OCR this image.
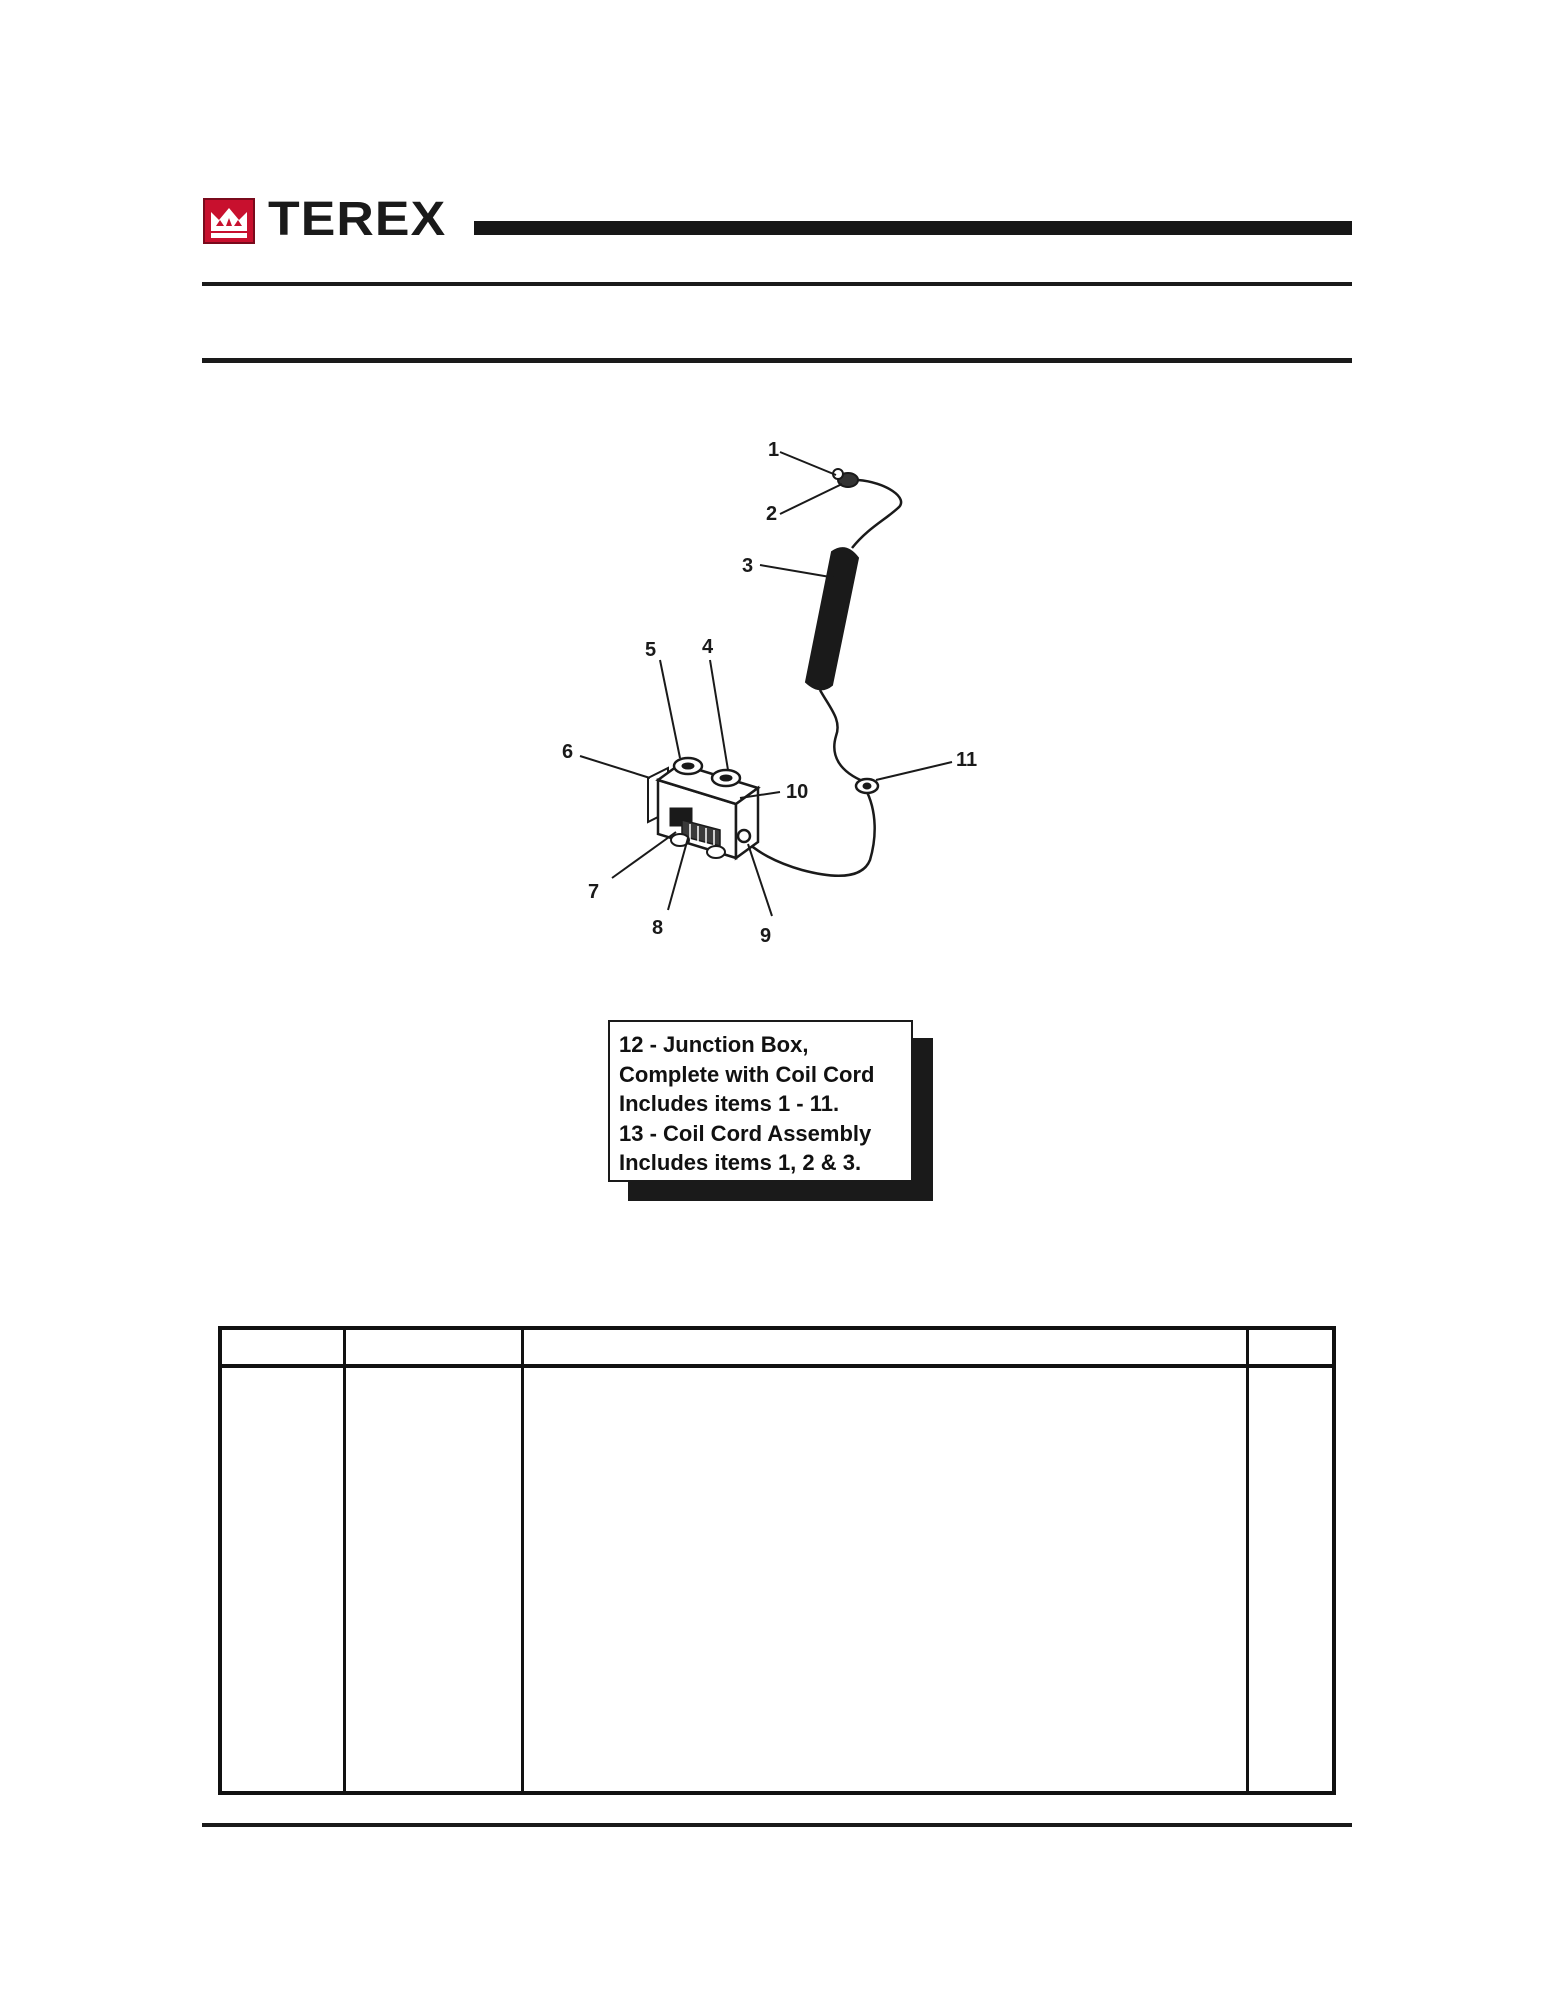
TEREX
1
2
3
4
5
6
7
8	9
10
11
12 - Junction Box,
Complete with Coil Cord
Includes items 1 - 11.
13 - Coil Cord Assembly
Includes items 1, 2 & 3.
